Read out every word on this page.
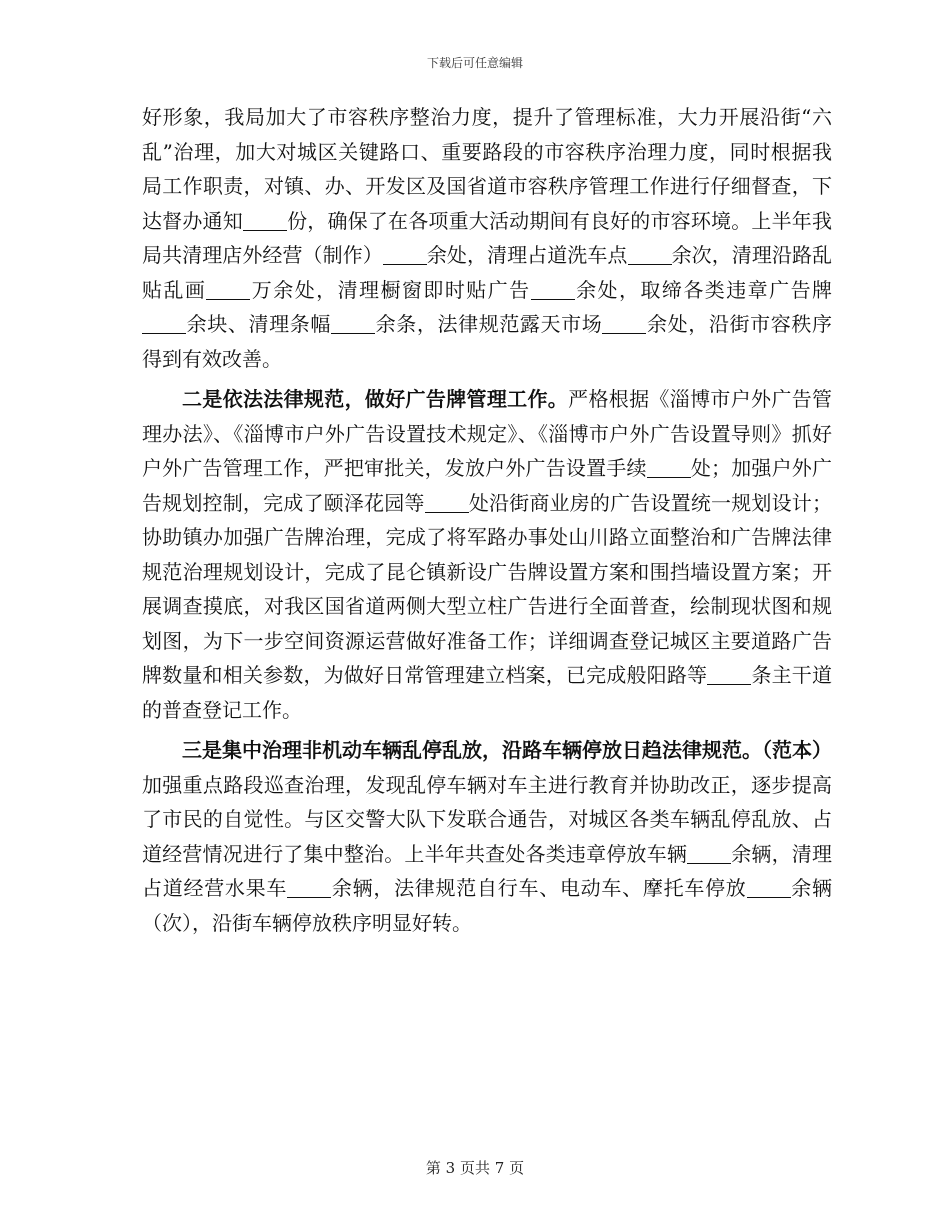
下载后可任意编辑

好形象，我局加大了市容秩序整治力度，提升了管理标准，大力开展沿街“六乱”治理，加大对城区关键路口、重要路段的市容秩序治理力度，同时根据我局工作职责，对镇、办、开发区及国省道市容秩序管理工作进行仔细督查，下达督办通知 份，确保了在各项重大活动期间有良好的市容环境。上半年我局共清理店外经营（制作） 余处，清理占道洗车点 余次，清理沿路乱贴乱画 万余处，清理橱窗即时贴广告 余处，取缔各类违章广告牌余块、清理条幅 余条，法律规范露天市场 余处，沿街市容秩序得到有效改善。

二是依法法律规范，做好广告牌管理工作。严格根据《淄博市户外广告管理办法》、《淄博市户外广告设置技术规定》、《淄博市户外广告设置导则》抓好户外广告管理工作，严把审批关，发放户外广告设置手续 处；加强户外广告规划控制，完成了颐泽花园等 处沿街商业房的广告设置统一规划设计；协助镇办加强广告牌治理，完成了将军路办事处山川路立面整治和广告牌法律规范治理规划设计，完成了昆仑镇新设广告牌设置方案和围挡墙设置方案；开展调查摸底，对我区国省道两侧大型立柱广告进行全面普查，绘制现状图和规划图，为下一步空间资源运营做好准备工作；详细调查登记城区主要道路广告牌数量和相关参数，为做好日常管理建立档案，已完成般阳路等 条主干道的普查登记工作。

三是集中治理非机动车辆乱停乱放，沿路车辆停放日趋法律规范。（范本）加强重点路段巡查治理，发现乱停车辆对车主进行教育并协助改正，逐步提高了市民的自觉性。与区交警大队下发联合通告，对城区各类车辆乱停乱放、占道经营情况进行了集中整治。上半年共查处各类违章停放车辆 余辆，清理占道经营水果车 余辆，法律规范自行车、电动车、摩托车停放 余辆（次），沿街车辆停放秩序明显好转。

第 3 页共 7 页
